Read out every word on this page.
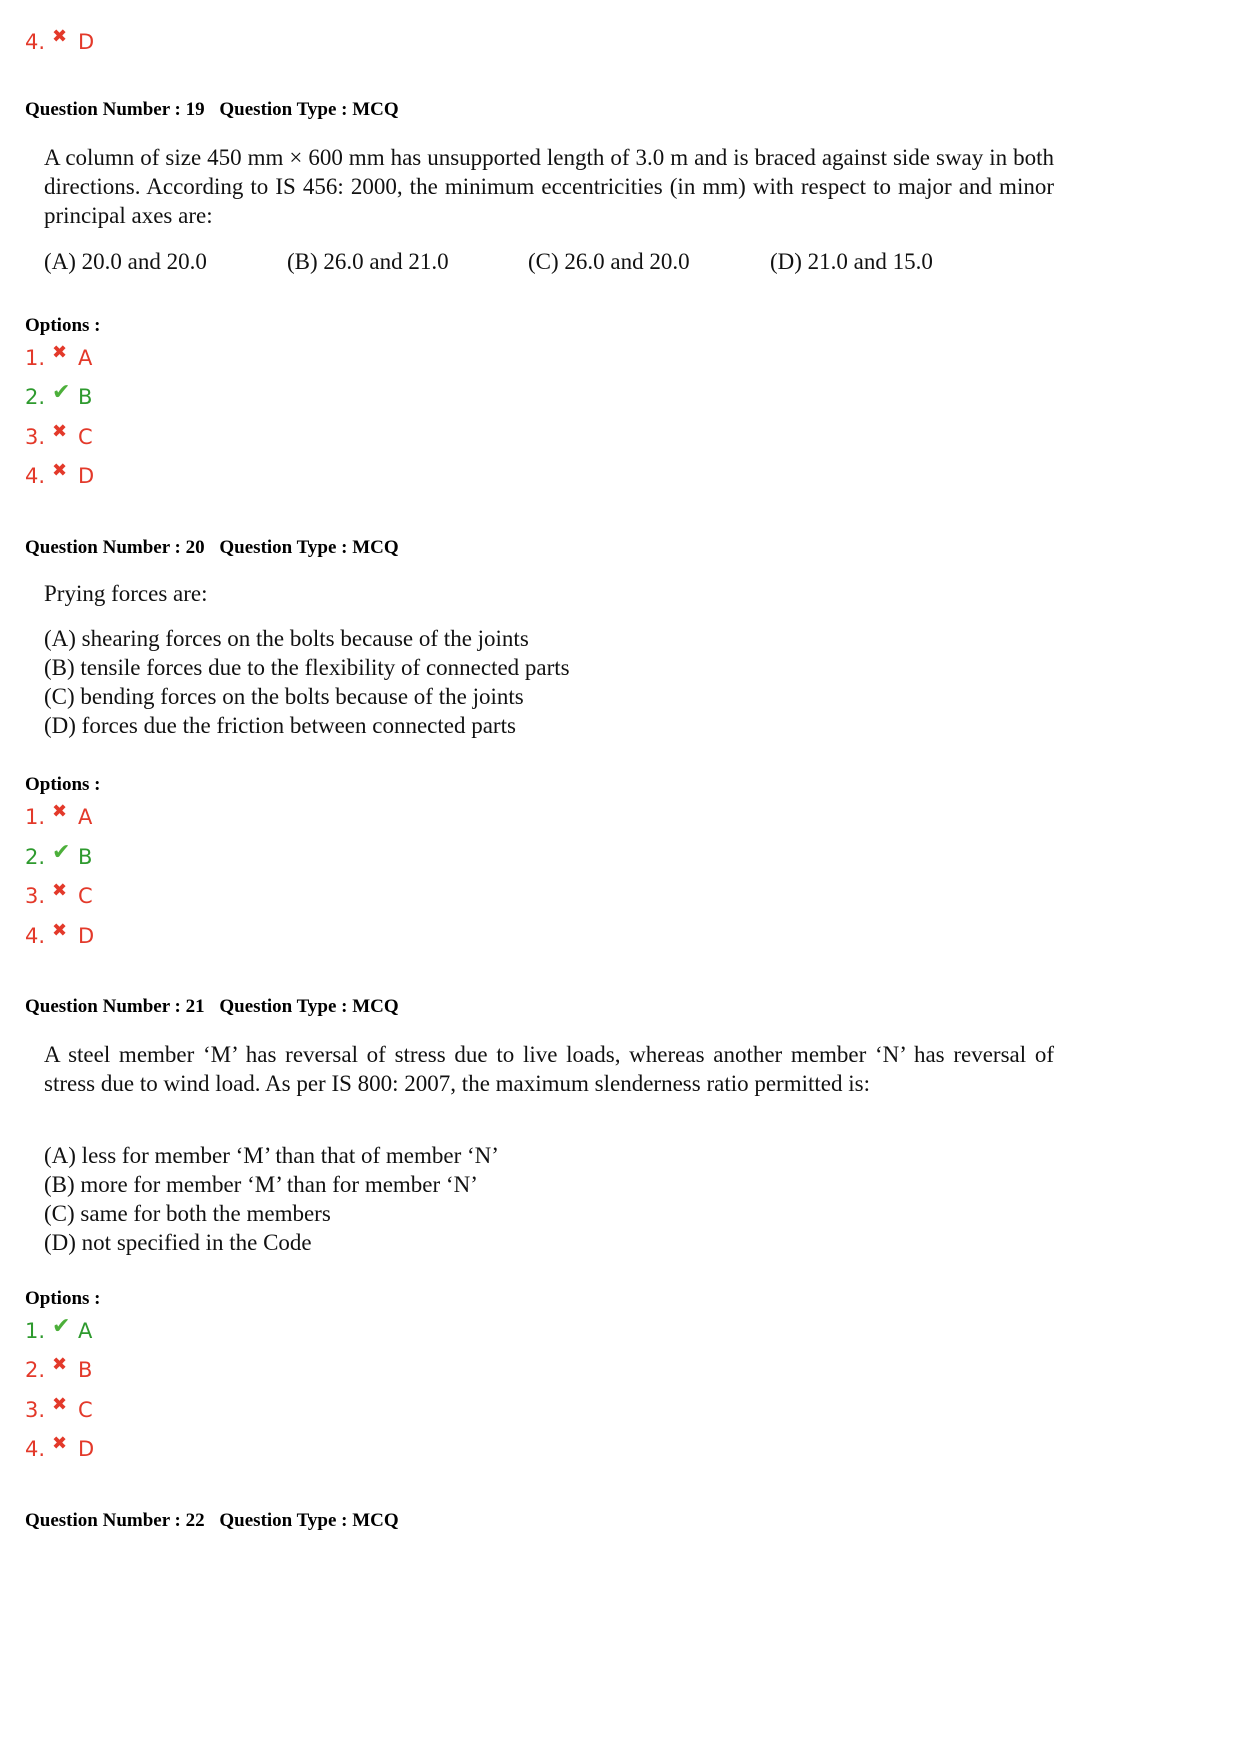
4. ✖ D
Question Number : 19 Question Type : MCQ
A column of size 450 mm × 600 mm has unsupported length of 3.0 m and is braced against side sway in both directions. According to IS 456: 2000, the minimum eccentricities (in mm) with respect to major and minor principal axes are:
(A) 20.0 and 20.0	(B) 26.0 and 21.0	(C) 26.0 and 20.0	(D) 21.0 and 15.0
Options :
1. ✖ A
2. ✔ B
3. ✖ C
4. ✖ D
Question Number : 20 Question Type : MCQ
Prying forces are:
(A) shearing forces on the bolts because of the joints
(B) tensile forces due to the flexibility of connected parts
(C) bending forces on the bolts because of the joints
(D) forces due the friction between connected parts
Options :
1. ✖ A
2. ✔ B
3. ✖ C
4. ✖ D
Question Number : 21 Question Type : MCQ
A steel member ‘M’ has reversal of stress due to live loads, whereas another member ‘N’ has reversal of stress due to wind load. As per IS 800: 2007, the maximum slenderness ratio permitted is:
(A) less for member ‘M’ than that of member ‘N’
(B) more for member ‘M’ than for member ‘N’
(C) same for both the members
(D) not specified in the Code
Options :
1. ✔ A
2. ✖ B
3. ✖ C
4. ✖ D
Question Number : 22 Question Type : MCQ
